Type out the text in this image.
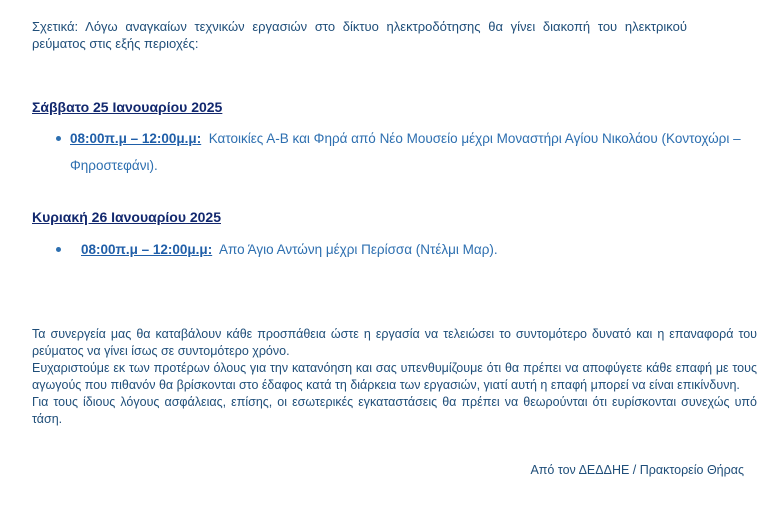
Σχετικά: Λόγω αναγκαίων τεχνικών εργασιών στο δίκτυο ηλεκτροδότησης θα γίνει διακοπή του ηλεκτρικού ρεύματος στις εξής περιοχές:
Σάββατο 25 Ιανουαρίου 2025
08:00π.μ – 12:00μ.μ: Κατοικίες Α-Β και Φηρά από Νέο Μουσείο μέχρι Μοναστήρι Αγίου Νικολάου (Κοντοχώρι – Φηροστεφάνι).
Κυριακή 26 Ιανουαρίου 2025
08:00π.μ – 12:00μ.μ: Απο Άγιο Αντώνη μέχρι Περίσσα (Ντέλμι Μαρ).

Τα συνεργεία μας θα καταβάλουν κάθε προσπάθεια ώστε η εργασία να τελειώσει το συντομότερο δυνατό και η επαναφορά του ρεύματος να γίνει ίσως σε συντομότερο χρόνο.

Ευχαριστούμε εκ των προτέρων όλους για την κατανόηση και σας υπενθυμίζουμε ότι θα πρέπει να αποφύγετε κάθε επαφή με τους αγωγούς που πιθανόν θα βρίσκονται στο έδαφος κατά τη διάρκεια των εργασιών, γιατί αυτή η επαφή μπορεί να είναι επικίνδυνη.

Για τους ίδιους λόγους ασφάλειας, επίσης, οι εσωτερικές εγκαταστάσεις θα πρέπει να θεωρούνται ότι ευρίσκονται συνεχώς υπό τάση.

Από τον ΔΕΔΔΗΕ / Πρακτορείο Θήρας
